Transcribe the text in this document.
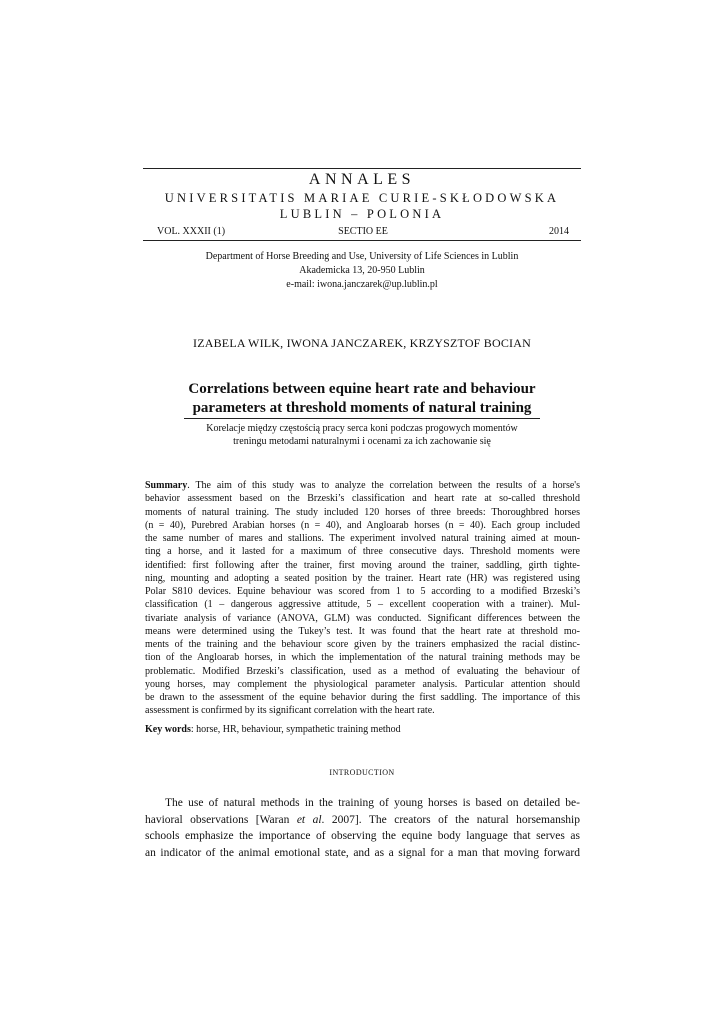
ANNALES
UNIVERSITATIS MARIAE CURIE-SKŁODOWSKA
LUBLIN – POLONIA
VOL. XXXII (1)	SECTIO EE	2014
Department of Horse Breeding and Use, University of Life Sciences in Lublin
Akademicka 13, 20-950 Lublin
e-mail: iwona.janczarek@up.lublin.pl
IZABELA WILK, IWONA JANCZAREK, KRZYSZTOF BOCIAN
Correlations between equine heart rate and behaviour
parameters at threshold moments of natural training
Korelacje między częstością pracy serca koni podczas progowych momentów
treningu metodami naturalnymi i ocenami za ich zachowanie się
Summary. The aim of this study was to analyze the correlation between the results of a horse's
behavior assessment based on the Brzeski’s classification and heart rate at so-called threshold
moments of natural training. The study included 120 horses of three breeds: Thoroughbred horses
(n = 40), Purebred Arabian horses (n = 40), and Angloarab horses (n = 40). Each group included
the same number of mares and stallions. The experiment involved natural training aimed at moun-
ting a horse, and it lasted for a maximum of three consecutive days. Threshold moments were
identified: first following after the trainer, first moving around the trainer, saddling, girth tighte-
ning, mounting and adopting a seated position by the trainer. Heart rate (HR) was registered using
Polar S810 devices. Equine behaviour was scored from 1 to 5 according to a modified Brzeski’s
classification (1 – dangerous aggressive attitude, 5 – excellent cooperation with a trainer). Mul-
tivariate analysis of variance (ANOVA, GLM) was conducted. Significant differences between the
means were determined using the Tukey’s test. It was found that the heart rate at threshold mo-
ments of the training and the behaviour score given by the trainers emphasized the racial distinc-
tion of the Angloarab horses, in which the implementation of the natural training methods may be
problematic. Modified Brzeski’s classification, used as a method of evaluating the behaviour of
young horses, may complement the physiological parameter analysis. Particular attention should
be drawn to the assessment of the equine behavior during the first saddling. The importance of this
assessment is confirmed by its significant correlation with the heart rate.
Key words: horse, HR, behaviour, sympathetic training method
INTRODUCTION
The use of natural methods in the training of young horses is based on detailed be-
havioral observations [Waran et al. 2007]. The creators of the natural horsemanship
schools emphasize the importance of observing the equine body language that serves as
an indicator of the animal emotional state, and as a signal for a man that moving forward
